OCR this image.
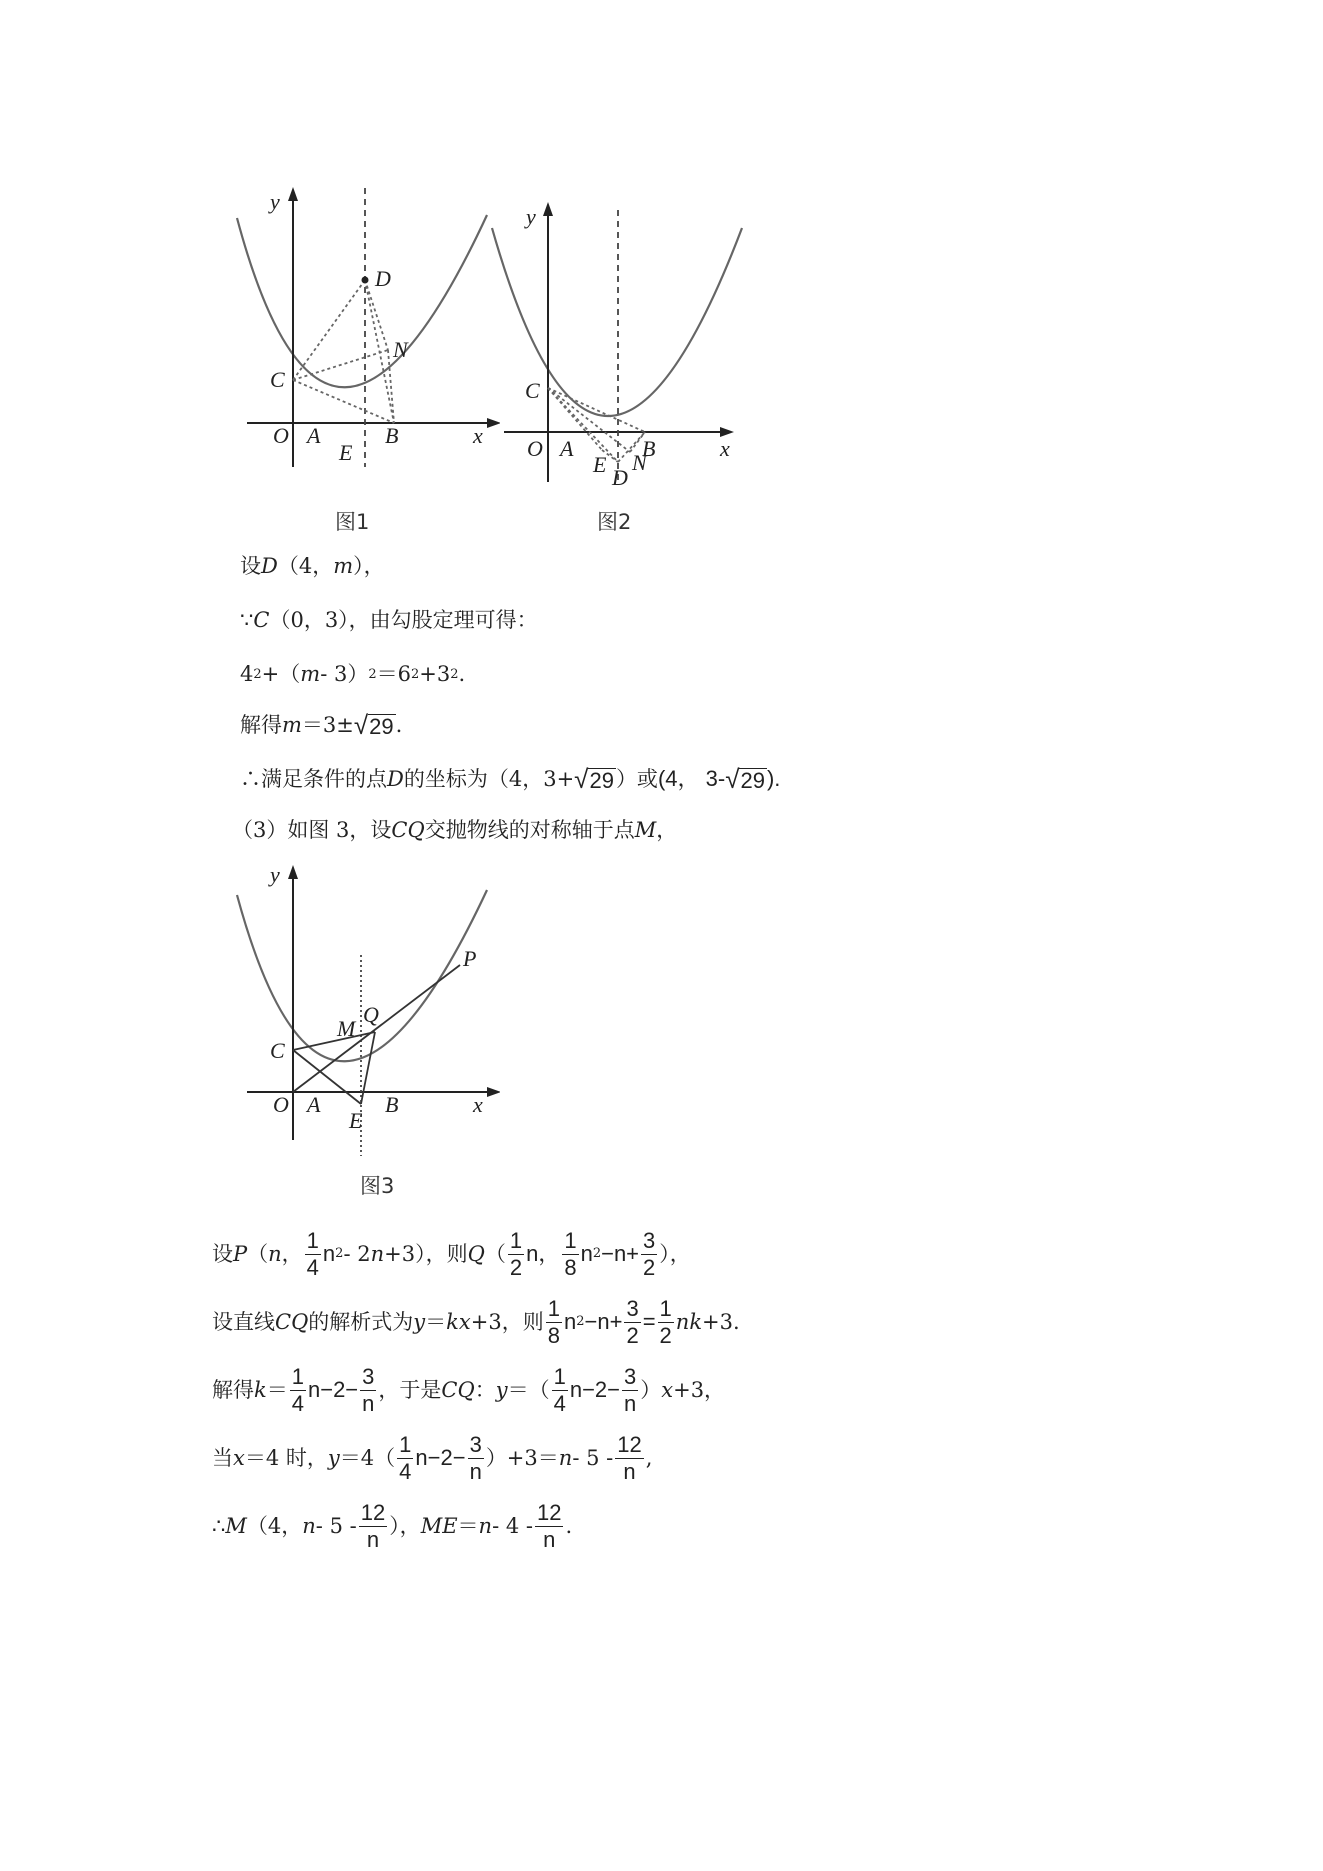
y
x
O A	B
C
D
E
N
图1
y
x
O A	B
C
E
D
N
图2
设 D （4， m ），
∵ C （0，3），由勾股定理可得：
4 2 +（ m - 3） 2 ＝6 2 +3 2 .
解得 m ＝3± √ 29 .
∴满足条件的点 D 的坐标为（4，3+ √ 29 ）或 (4， 3- √ 29 ).
（3）如图 3，设 CQ 交抛物线的对称轴于点 M ，
y
x
O A	B
C
E
M
Q
P
图3
设 P （ n ， $\frac{1}{4}$ n 2 - 2 n +3），则 Q （ $\frac{1}{2}$ n， $\frac{1}{8}$ n $2 -n+ \frac{3}{2}$ ），
设直线 CQ 的解析式为 y ＝ kx +3，则 $\frac{1}{8}$ n $2 -n+ \frac{3}{2} = \frac{1}{2}$ nk +3.
解得 $k = \frac{1}{4} n-2- \frac{3}{n}$ ，于是 CQ ： y ＝（ $\frac{1}{4} n-2- \frac{3}{n}$ ） x +3，
当 x ＝4 时， $y =4( \frac{1}{4} n-2- \frac{3}{n} )+3= n - 5 - \frac{12}{n}$ ,
∴ M （4， n - $5 - \frac{12}{n}$ ）， ME ＝ n - $4 - \frac{12}{n}$ .
